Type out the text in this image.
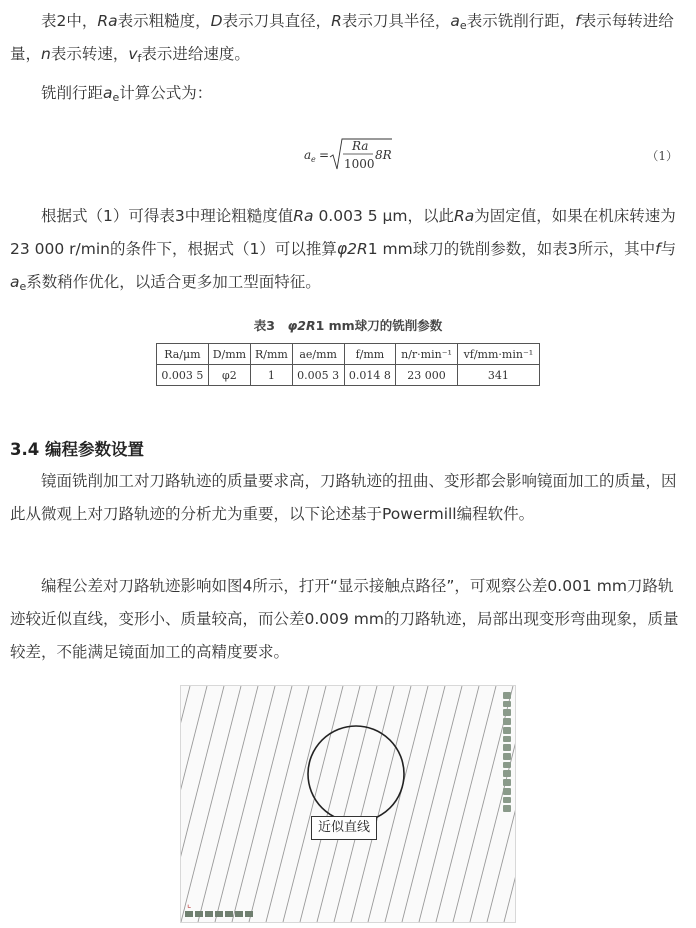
表2中，Ra表示粗糙度，D表示刀具直径，R表示刀具半径，$a_e$表示铣削行距，f表示每转进给量，n表示转速，$v_f$表示进给速度。

铣削行距$a_e$计算公式为：

a e =
Ra
1000
8R	（1）

根据式（1）可得表3中理论粗糙度值Ra 0.003 5 μm，以此Ra为固定值，如果在机床转速为23 000 r/min的条件下，根据式（1）可以推算φ2R1 mm球刀的铣削参数，如表3所示，其中f与$a_e$系数稍作优化，以适合更多加工型面特征。

表3　φ2R1 mm球刀的铣削参数
Ra/μm	D/mm	R/mm	ae/mm	f/mm	n/r·min⁻¹	vf/mm·min⁻¹
0.003 5	φ2	1	0.005 3	0.014 8	23 000	341
3.4 编程参数设置

镜面铣削加工对刀路轨迹的质量要求高，刀路轨迹的扭曲、变形都会影响镜面加工的质量，因此从微观上对刀路轨迹的分析尤为重要，以下论述基于Powermill编程软件。

编程公差对刀路轨迹影响如图4所示，打开“显示接触点路径”，可观察公差0.001 mm刀路轨迹较近似直线，变形小、质量较高，而公差0.009 mm的刀路轨迹，局部出现变形弯曲现象，质量较差，不能满足镜面加工的高精度要求。

⌞
近似直线
